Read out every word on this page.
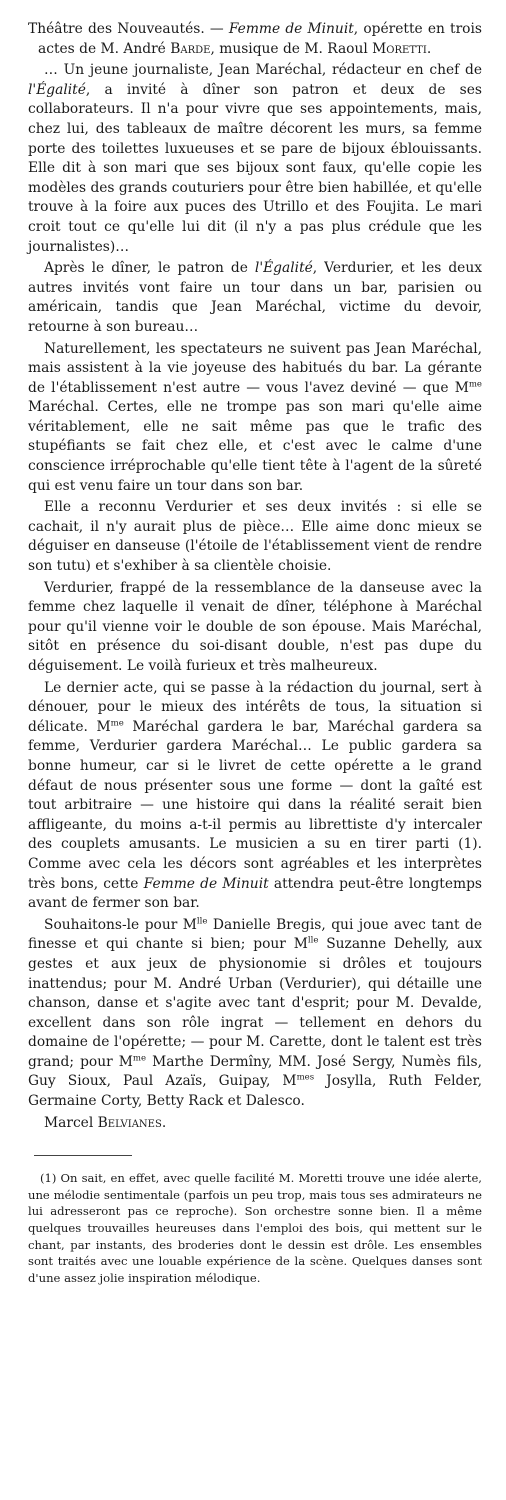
Théâtre des Nouveautés. — Femme de Minuit, opérette en trois actes de M. André Barde, musique de M. Raoul Moretti.

… Un jeune journaliste, Jean Maréchal, rédacteur en chef de l'Égalité, a invité à dîner son patron et deux de ses collaborateurs. Il n'a pour vivre que ses appointements, mais, chez lui, des tableaux de maître décorent les murs, sa femme porte des toilettes luxueuses et se pare de bijoux éblouissants. Elle dit à son mari que ses bijoux sont faux, qu'elle copie les modèles des grands couturiers pour être bien habillée, et qu'elle trouve à la foire aux puces des Utrillo et des Foujita. Le mari croit tout ce qu'elle lui dit (il n'y a pas plus crédule que les journalistes)…

Après le dîner, le patron de l'Égalité, Verdurier, et les deux autres invités vont faire un tour dans un bar, parisien ou américain, tandis que Jean Maréchal, victime du devoir, retourne à son bureau…

Naturellement, les spectateurs ne suivent pas Jean Maréchal, mais assistent à la vie joyeuse des habitués du bar. La gérante de l'établissement n'est autre — vous l'avez deviné — que $M^{me}$ Maréchal. Certes, elle ne trompe pas son mari qu'elle aime véritablement, elle ne sait même pas que le trafic des stupéfiants se fait chez elle, et c'est avec le calme d'une conscience irréprochable qu'elle tient tête à l'agent de la sûreté qui est venu faire un tour dans son bar.

Elle a reconnu Verdurier et ses deux invités : si elle se cachait, il n'y aurait plus de pièce… Elle aime donc mieux se déguiser en danseuse (l'étoile de l'établissement vient de rendre son tutu) et s'exhiber à sa clientèle choisie.

Verdurier, frappé de la ressemblance de la danseuse avec la femme chez laquelle il venait de dîner, téléphone à Maréchal pour qu'il vienne voir le double de son épouse. Mais Maréchal, sitôt en présence du soi-disant double, n'est pas dupe du déguisement. Le voilà furieux et très malheureux.

Le dernier acte, qui se passe à la rédaction du journal, sert à dénouer, pour le mieux des intérêts de tous, la situation si délicate. $M^{me}$ Maréchal gardera le bar, Maréchal gardera sa femme, Verdurier gardera Maréchal… Le public gardera sa bonne humeur, car si le livret de cette opérette a le grand défaut de nous présenter sous une forme — dont la gaîté est tout arbitraire — une histoire qui dans la réalité serait bien affligeante, du moins a-t-il permis au librettiste d'y intercaler des couplets amusants. Le musicien a su en tirer parti (1). Comme avec cela les décors sont agréables et les interprètes très bons, cette Femme de Minuit attendra peut-être longtemps avant de fermer son bar.

Souhaitons-le pour $M^{lle}$ Danielle Bregis, qui joue avec tant de finesse et qui chante si bien; pour $M^{lle}$ Suzanne Dehelly, aux gestes et aux jeux de physionomie si drôles et toujours inattendus; pour M. André Urban (Verdurier), qui détaille une chanson, danse et s'agite avec tant d'esprit; pour M. Devalde, excellent dans son rôle ingrat — tellement en dehors du domaine de l'opérette; — pour M. Carette, dont le talent est très grand; pour $M^{me}$ Marthe Dermîny, MM. José Sergy, Numès fils, Guy Sioux, Paul Azaïs, Guipay, $M^{mes}$ Josylla, Ruth Felder, Germaine Corty, Betty Rack et Dalesco.

Marcel Belvianes.

(1) On sait, en effet, avec quelle facilité M. Moretti trouve une idée alerte, une mélodie sentimentale (parfois un peu trop, mais tous ses admirateurs ne lui adresseront pas ce reproche). Son orchestre sonne bien. Il a même quelques trouvailles heureuses dans l'emploi des bois, qui mettent sur le chant, par instants, des broderies dont le dessin est drôle. Les ensembles sont traités avec une louable expérience de la scène. Quelques danses sont d'une assez jolie inspiration mélodique.
